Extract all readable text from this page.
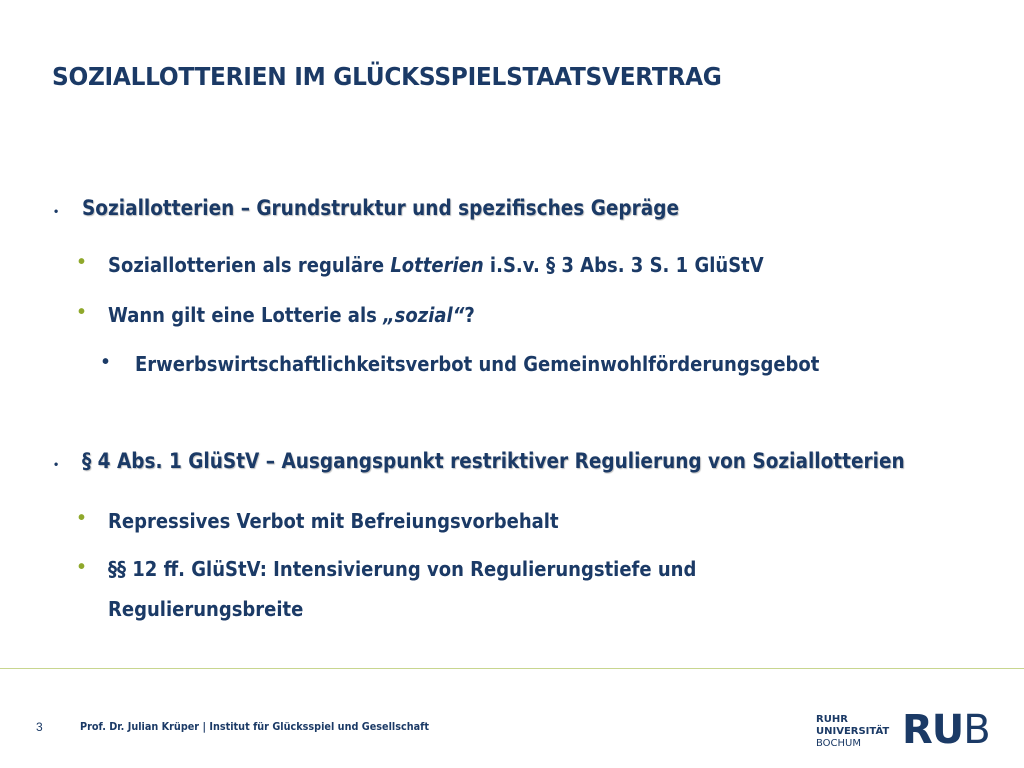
SOZIALLOTTERIEN IM GLÜCKSSPIELSTAATSVERTRAG
• Soziallotterien – Grundstruktur und spezifisches Gepräge
• Soziallotterien als reguläre Lotterien i.S.v. § 3 Abs. 3 S. 1 GlüStV
• Wann gilt eine Lotterie als „sozial“?
• Erwerbswirtschaftlichkeitsverbot und Gemeinwohlförderungsgebot
• § 4 Abs. 1 GlüStV – Ausgangspunkt restriktiver Regulierung von Soziallotterien
• Repressives Verbot mit Befreiungsvorbehalt
• §§ 12 ff. GlüStV: Intensivierung von Regulierungstiefe und
Regulierungsbreite
3	Prof. Dr. Julian Krüper | Institut für Glücksspiel und Gesellschaft
RUHR
UNIVERSITÄT
BOCHUM	RUB
